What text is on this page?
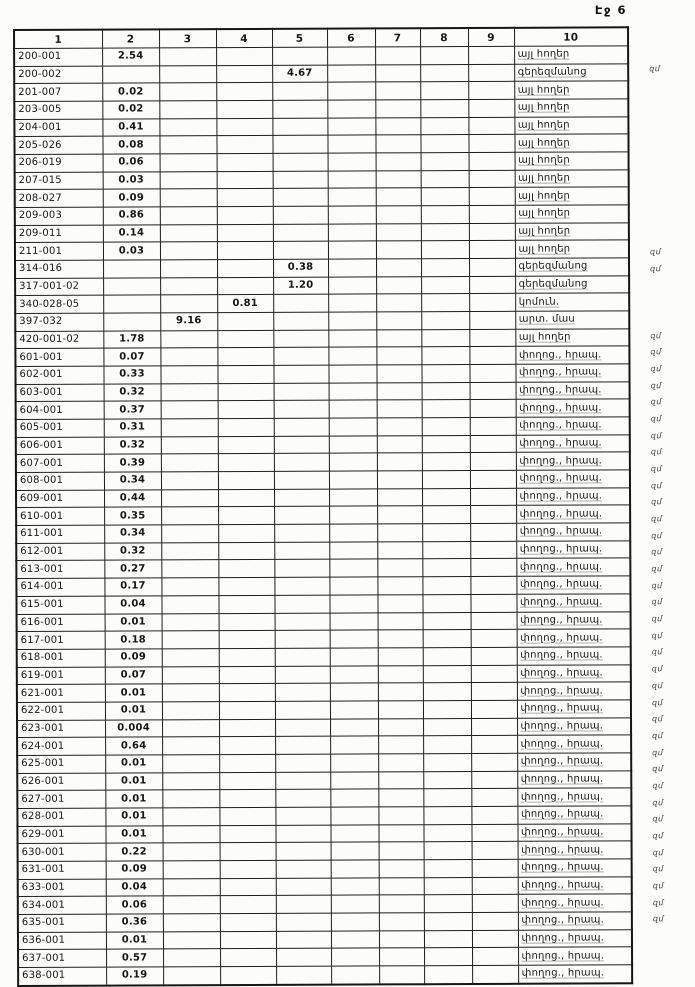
Էջ 6
1	2	3	4	5	6	7	8	9	10
200-001	2.54								այլ հողեր
200-002				4.67					գերեզմանոց
201-007	0.02								այլ հողեր
203-005	0.02								այլ հողեր
204-001	0.41								այլ հողեր
205-026	0.08								այլ հողեր
206-019	0.06								այլ հողեր
207-015	0.03								այլ հողեր
208-027	0.09								այլ հողեր
209-003	0.86								այլ հողեր
209-011	0.14								այլ հողեր
211-001	0.03								այլ հողեր
314-016				0.38					գերեզմանոց
317-001-02				1.20					գերեզմանոց
340-028-05			0.81						կոմուն.
397-032		9.16							արտ. մաս
420-001-02	1.78								այլ հողեր
601-001	0.07								փողոց., հրապ.
602-001	0.33								փողոց., հրապ.
603-001	0.32								փողոց., հրապ.
604-001	0.37								փողոց., հրապ.
605-001	0.31								փողոց., հրապ.
606-001	0.32								փողոց., հրապ.
607-001	0.39								փողոց., հրապ.
608-001	0.34								փողոց., հրապ.
609-001	0.44								փողոց., հրապ.
610-001	0.35								փողոց., հրապ.
611-001	0.34								փողոց., հրապ.
612-001	0.32								փողոց., հրապ.
613-001	0.27								փողոց., հրապ.
614-001	0.17								փողոց., հրապ.
615-001	0.04								փողոց., հրապ.
616-001	0.01								փողոց., հրապ.
617-001	0.18								փողոց., հրապ.
618-001	0.09								փողոց., հրապ.
619-001	0.07								փողոց., հրապ.
621-001	0.01								փողոց., հրապ.
622-001	0.01								փողոց., հրապ.
623-001	0.004								փողոց., հրապ.
624-001	0.64								փողոց., հրապ.
625-001	0.01								փողոց., հրապ.
626-001	0.01								փողոց., հրապ.
627-001	0.01								փողոց., հրապ.
628-001	0.01								փողոց., հրապ.
629-001	0.01								փողոց., հրապ.
630-001	0.22								փողոց., հրապ.
631-001	0.09								փողոց., հրապ.
633-001	0.04								փողոց., հրապ.
634-001	0.06								փողոց., հրապ.
635-001	0.36								փողոց., հրապ.
636-001	0.01								փողոց., հրապ.
637-001	0.57								փողոց., հրապ.
638-001	0.19								փողոց., հրապ.
զմ
զմ
զմ
զմ
զմ
զմ
զմ
զմ
զմ
զմ
զմ
զմ
զմ
զմ
զմ
զմ
զմ
զմ
զմ
զմ
զմ
զմ
զմ
զմ
զմ
զմ
զմ
զմ
զմ
զմ
զմ
զմ
զմ
զմ
զմ
զմ
զմ
զմ
զմ
